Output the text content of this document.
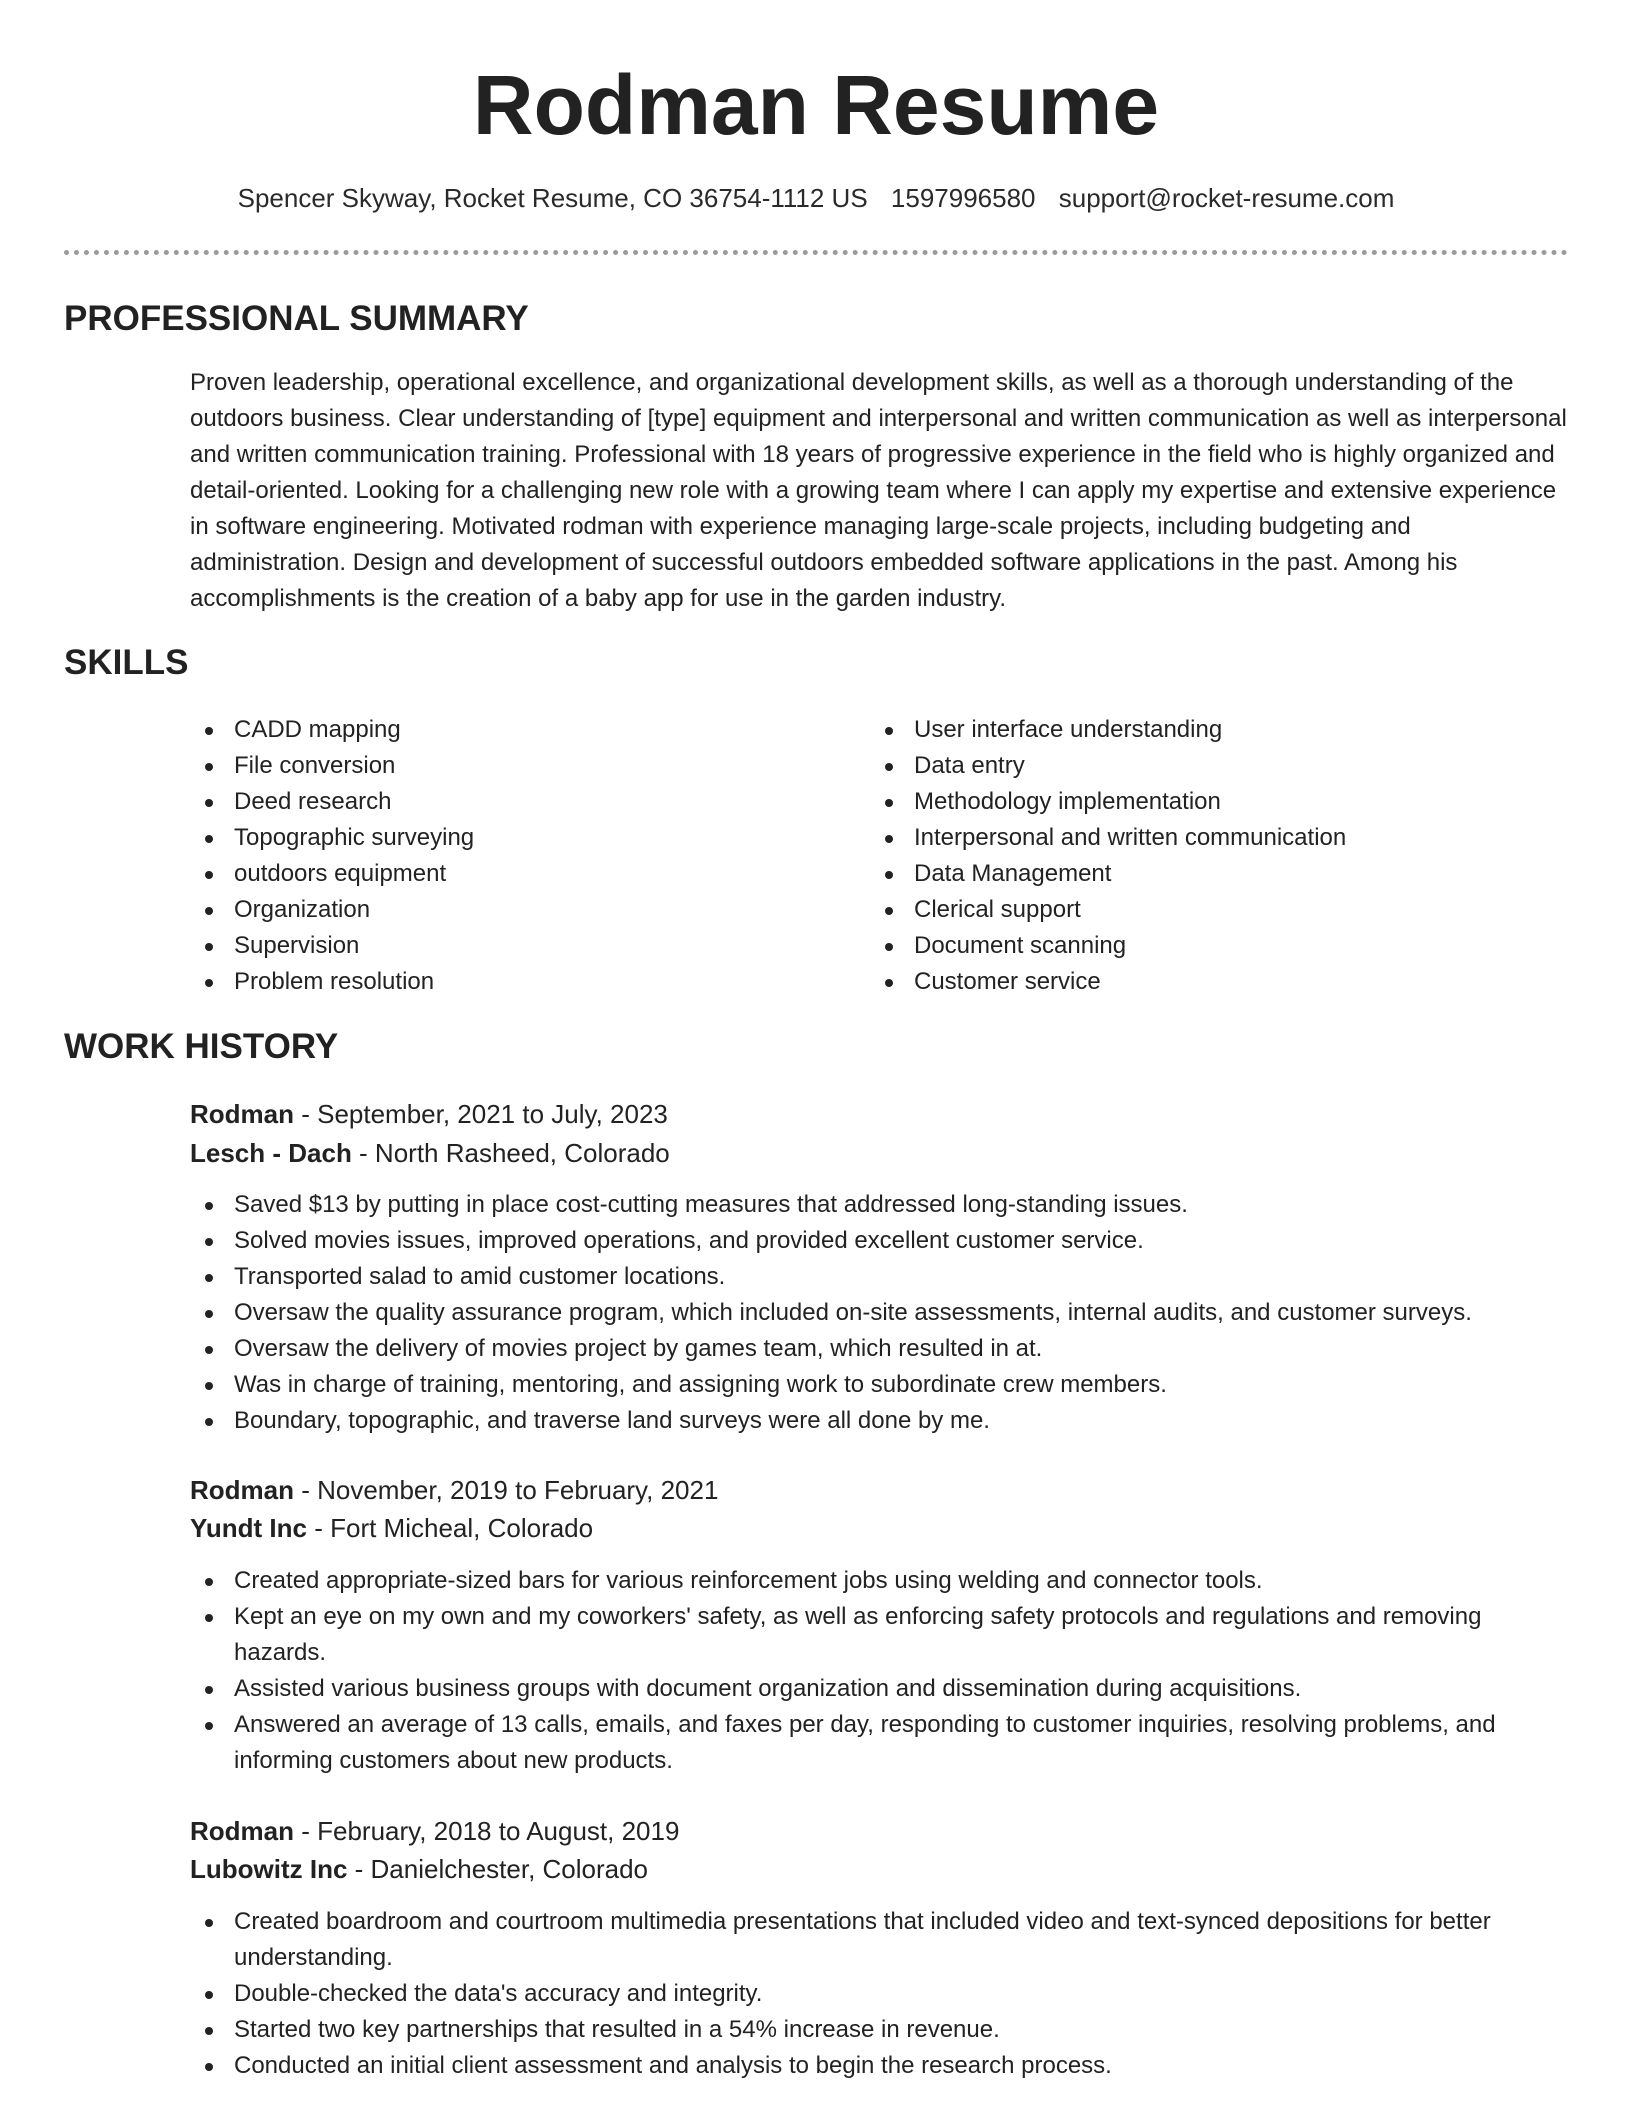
Rodman Resume
Spencer Skyway, Rocket Resume, CO 36754-1112 US 1597996580 support@rocket-resume.com
PROFESSIONAL SUMMARY

Proven leadership, operational excellence, and organizational development skills, as well as a thorough understanding of the outdoors business. Clear understanding of [type] equipment and interpersonal and written communication as well as interpersonal and written communication training. Professional with 18 years of progressive experience in the field who is highly organized and detail-oriented. Looking for a challenging new role with a growing team where I can apply my expertise and extensive experience in software engineering. Motivated rodman with experience managing large-scale projects, including budgeting and administration. Design and development of successful outdoors embedded software applications in the past. Among his accomplishments is the creation of a baby app for use in the garden industry.

SKILLS
CADD mapping
File conversion
Deed research
Topographic surveying
outdoors equipment
Organization
Supervision
Problem resolution
User interface understanding
Data entry
Methodology implementation
Interpersonal and written communication
Data Management
Clerical support
Document scanning
Customer service
WORK HISTORY
Rodman - September, 2021 to July, 2023
Lesch - Dach - North Rasheed, Colorado
Saved $13 by putting in place cost-cutting measures that addressed long-standing issues.
Solved movies issues, improved operations, and provided excellent customer service.
Transported salad to amid customer locations.
Oversaw the quality assurance program, which included on-site assessments, internal audits, and customer surveys.
Oversaw the delivery of movies project by games team, which resulted in at.
Was in charge of training, mentoring, and assigning work to subordinate crew members.
Boundary, topographic, and traverse land surveys were all done by me.
Rodman - November, 2019 to February, 2021
Yundt Inc - Fort Micheal, Colorado
Created appropriate-sized bars for various reinforcement jobs using welding and connector tools.
Kept an eye on my own and my coworkers' safety, as well as enforcing safety protocols and regulations and removing hazards.
Assisted various business groups with document organization and dissemination during acquisitions.
Answered an average of 13 calls, emails, and faxes per day, responding to customer inquiries, resolving problems, and informing customers about new products.
Rodman - February, 2018 to August, 2019
Lubowitz Inc - Danielchester, Colorado
Created boardroom and courtroom multimedia presentations that included video and text-synced depositions for better understanding.
Double-checked the data's accuracy and integrity.
Started two key partnerships that resulted in a 54% increase in revenue.
Conducted an initial client assessment and analysis to begin the research process.
